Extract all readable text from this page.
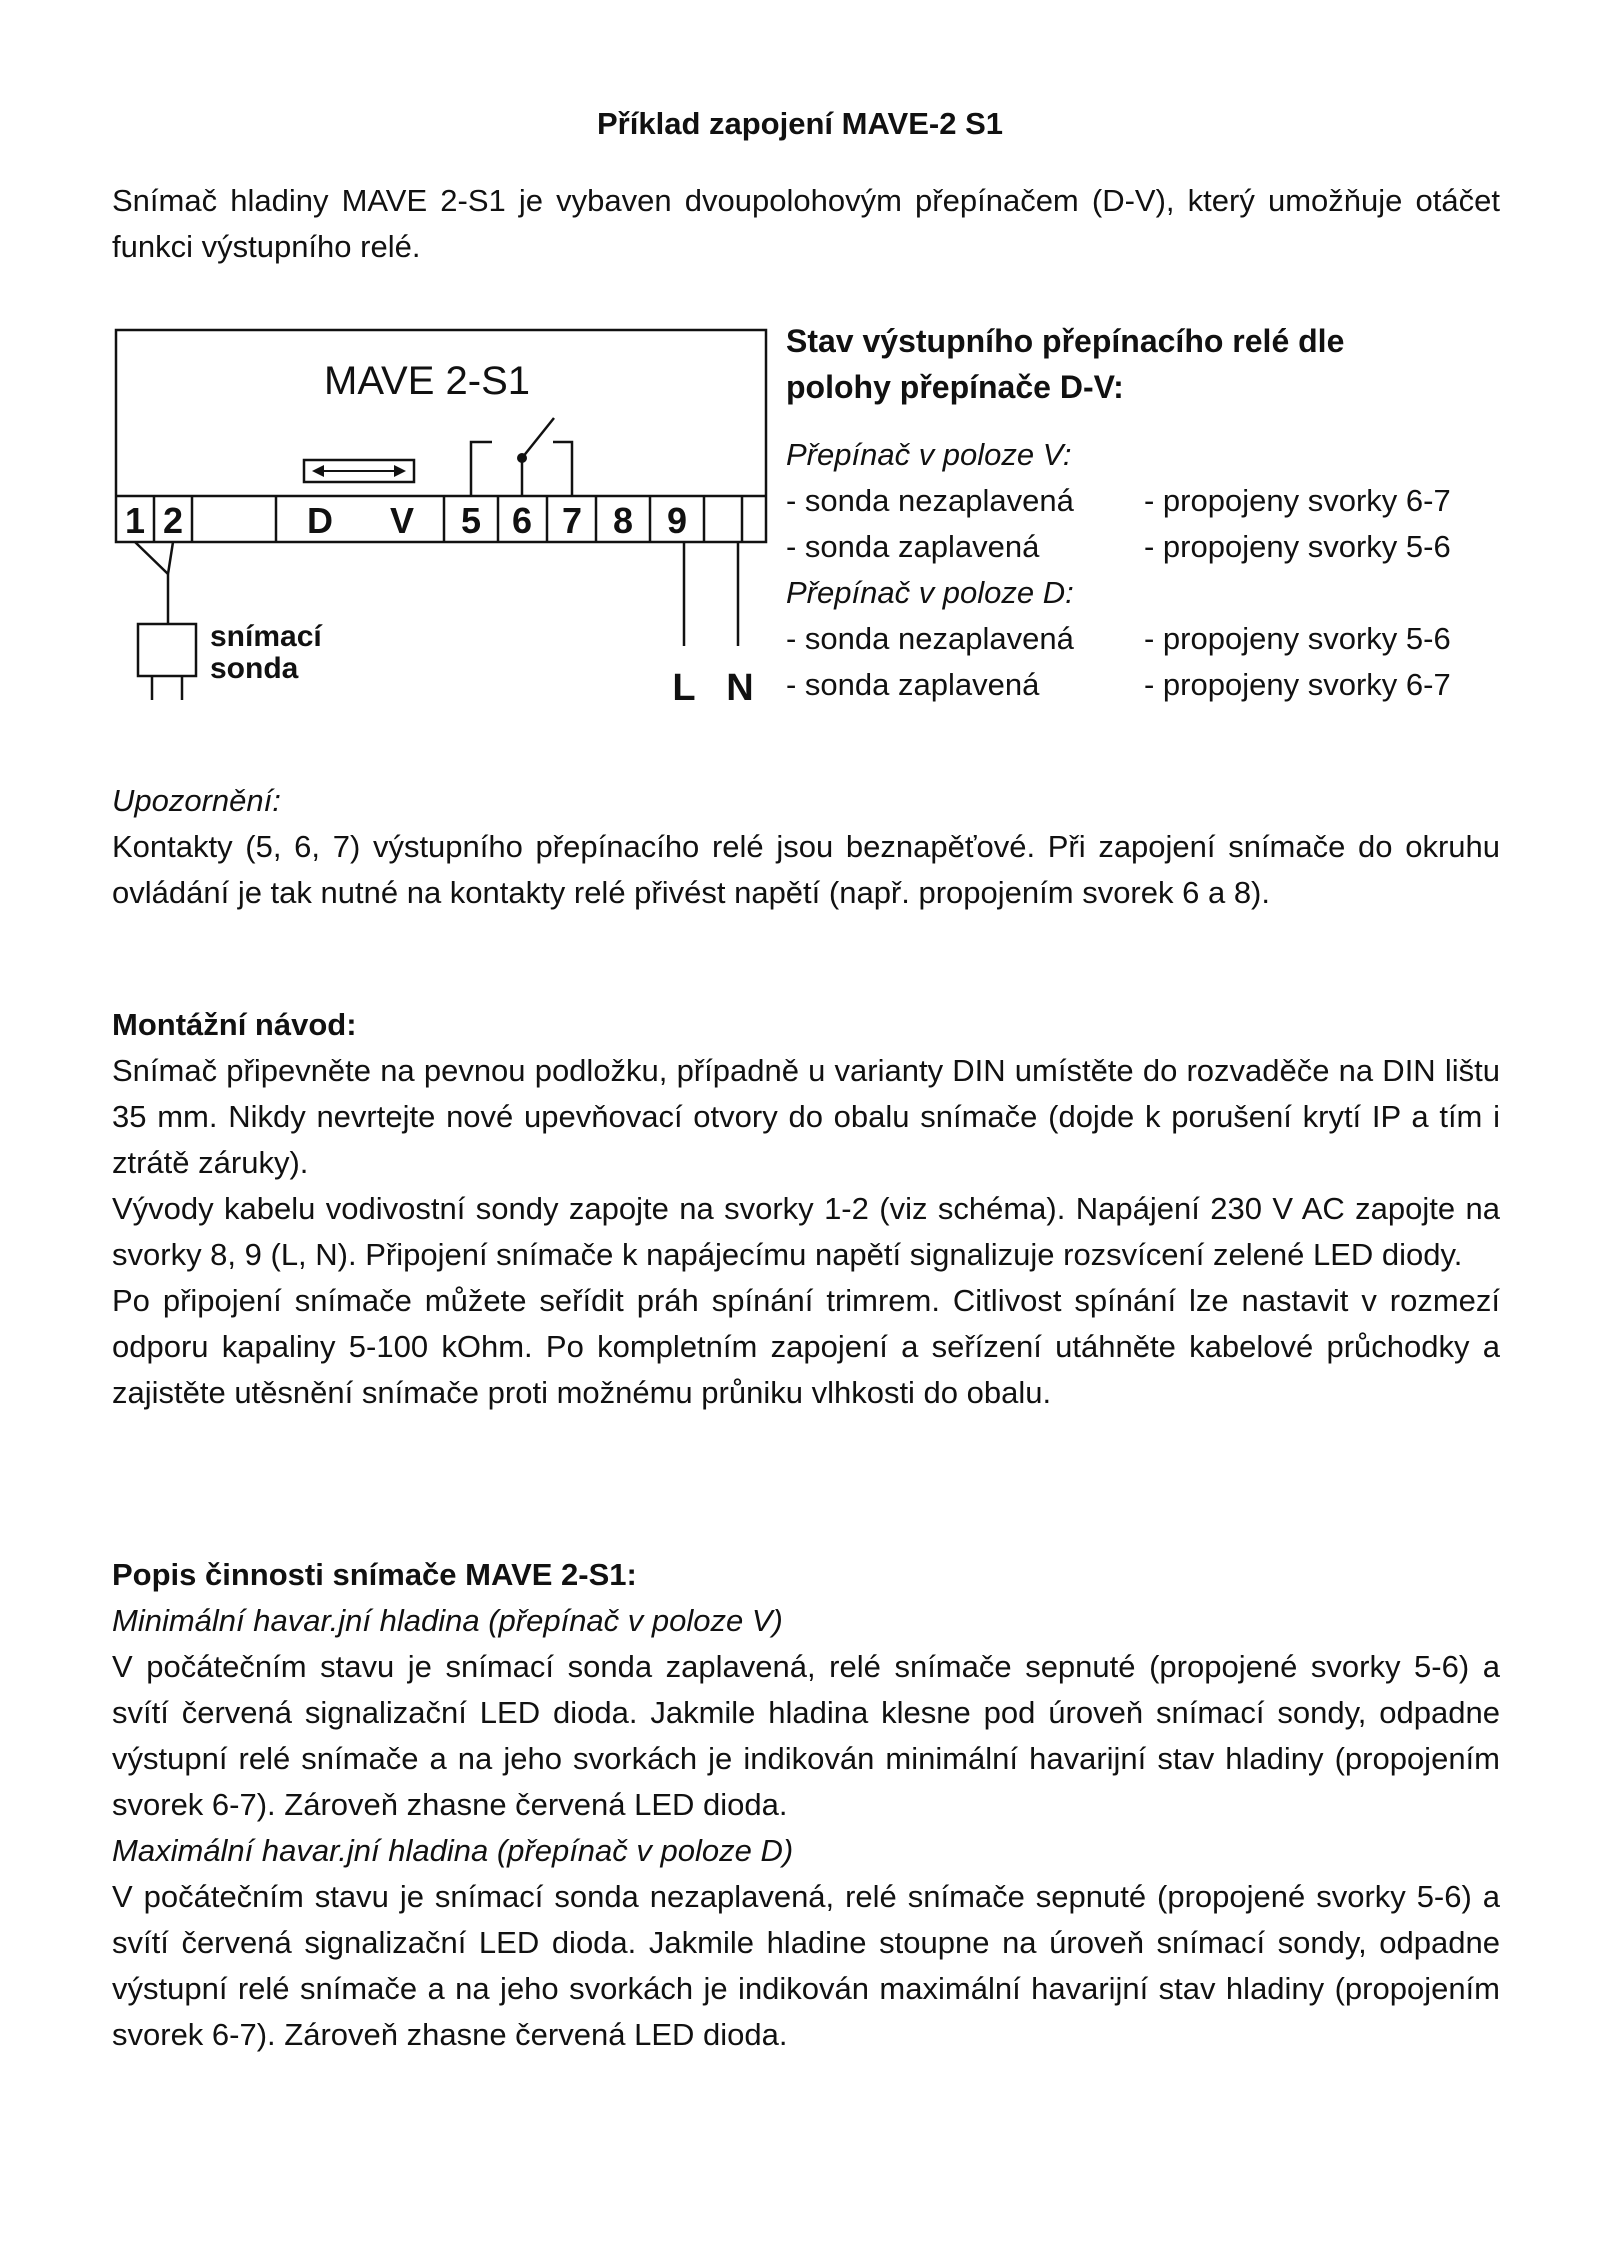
Příklad zapojení MAVE-2 S1
Snímač hladiny MAVE 2-S1 je vybaven dvoupolohovým přepínačem (D-V), který umožňuje otáčet funkci výstupního relé.
MAVE 2-S1
1 2	D V 5 6 7 8 9
snímací
sonda	L N
Stav výstupního přepínacího relé dle
polohy přepínače D-V:
Přepínač v poloze V:
- sonda nezaplavená	- propojeny svorky 6-7
- sonda zaplavená	- propojeny svorky 5-6
Přepínač v poloze D:
- sonda nezaplavená	- propojeny svorky 5-6
- sonda zaplavená	- propojeny svorky 6-7
Upozornění:

Kontakty (5, 6, 7) výstupního přepínacího relé jsou beznapěťové. Při zapojení snímače do okruhu ovládání je tak nutné na kontakty relé přivést napětí (např. propojením svorek 6 a 8).

Montážní návod:

Snímač připevněte na pevnou podložku, případně u varianty DIN umístěte do rozvaděče na DIN lištu 35 mm. Nikdy nevrtejte nové upevňovací otvory do obalu snímače (dojde k porušení krytí IP a tím i ztrátě záruky).

Vývody kabelu vodivostní sondy zapojte na svorky 1-2 (viz schéma). Napájení 230 V AC zapojte na svorky 8, 9 (L, N). Připojení snímače k napájecímu napětí signalizuje rozsvícení zelené LED diody.

Po připojení snímače můžete seřídit práh spínání trimrem. Citlivost spínání lze nastavit v rozmezí odporu kapaliny 5-100 kOhm. Po kompletním zapojení a seřízení utáhněte kabelové průchodky a zajistěte utěsnění snímače proti možnému průniku vlhkosti do obalu.

Popis činnosti snímače MAVE 2-S1:
Minimální havar.jní hladina (přepínač v poloze V)

V počátečním stavu je snímací sonda zaplavená, relé snímače sepnuté (propojené svorky 5-6) a svítí červená signalizační LED dioda. Jakmile hladina klesne pod úroveň snímací sondy, odpadne výstupní relé snímače a na jeho svorkách je indikován minimální havarijní stav hladiny (propojením svorek 6-7). Zároveň zhasne červená LED dioda.

Maximální havar.jní hladina (přepínač v poloze D)

V počátečním stavu je snímací sonda nezaplavená, relé snímače sepnuté (propojené svorky 5-6) a svítí červená signalizační LED dioda. Jakmile hladine stoupne na úroveň snímací sondy, odpadne výstupní relé snímače a na jeho svorkách je indikován maximální havarijní stav hladiny (propojením svorek 6-7). Zároveň zhasne červená LED dioda.
